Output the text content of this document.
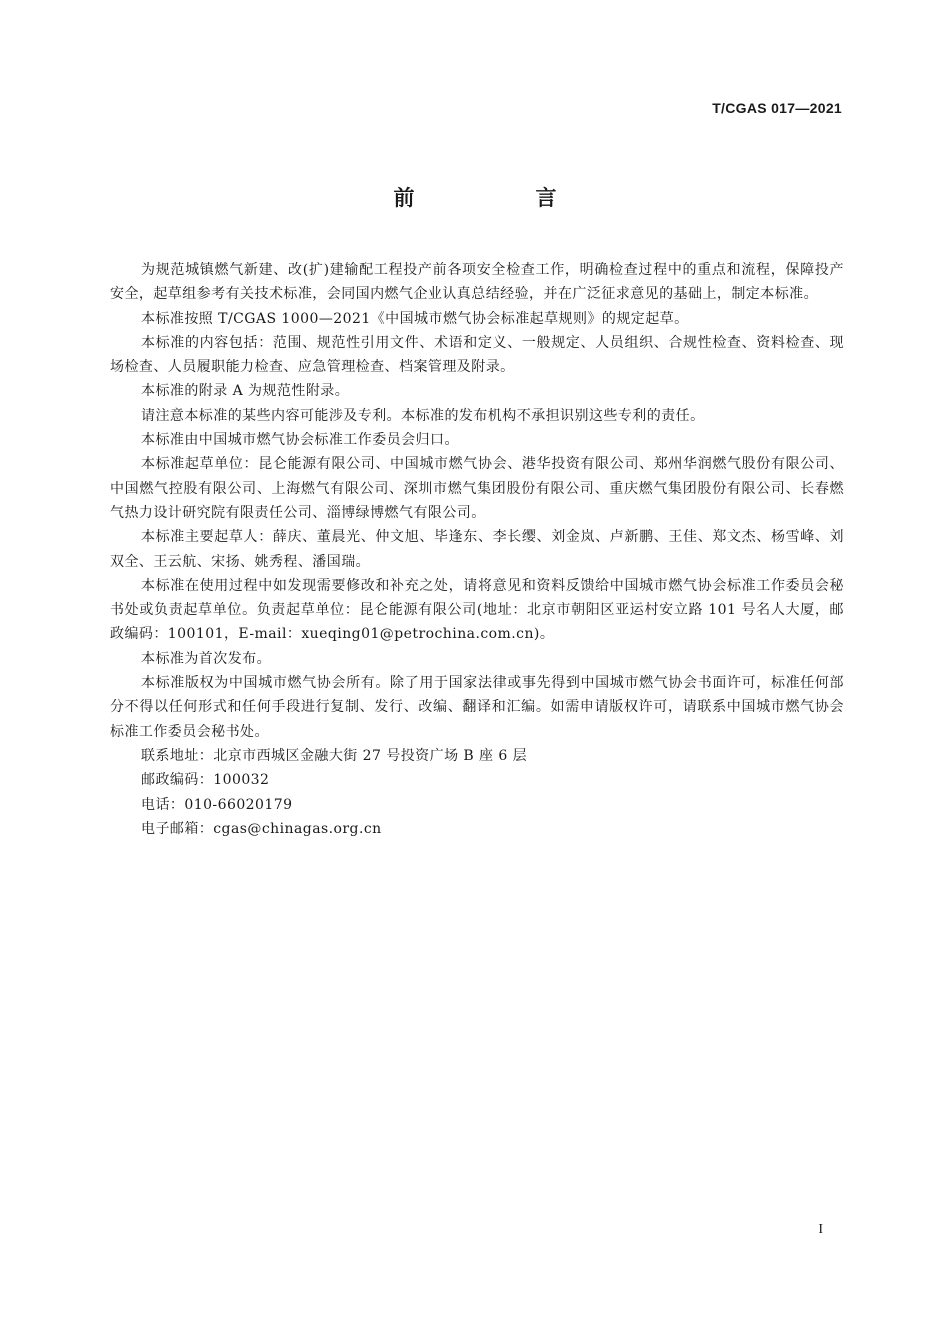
T/CGAS 017—2021
前　言

为规范城镇燃气新建、改(扩)建输配工程投产前各项安全检查工作，明确检查过程中的重点和流程，保障投产安全，起草组参考有关技术标准，会同国内燃气企业认真总结经验，并在广泛征求意见的基础上，制定本标准。

本标准按照 T/CGAS 1000—2021《中国城市燃气协会标准起草规则》的规定起草。

本标准的内容包括：范围、规范性引用文件、术语和定义、一般规定、人员组织、合规性检查、资料检查、现场检查、人员履职能力检查、应急管理检查、档案管理及附录。

本标准的附录 A 为规范性附录。

请注意本标准的某些内容可能涉及专利。本标准的发布机构不承担识别这些专利的责任。

本标准由中国城市燃气协会标准工作委员会归口。

本标准起草单位：昆仑能源有限公司、中国城市燃气协会、港华投资有限公司、郑州华润燃气股份有限公司、中国燃气控股有限公司、上海燃气有限公司、深圳市燃气集团股份有限公司、重庆燃气集团股份有限公司、长春燃气热力设计研究院有限责任公司、淄博绿博燃气有限公司。

本标准主要起草人：薛庆、董晨光、仲文旭、毕逢东、李长缨、刘金岚、卢新鹏、王佳、郑文杰、杨雪峰、刘双全、王云航、宋扬、姚秀程、潘国瑞。

本标准在使用过程中如发现需要修改和补充之处，请将意见和资料反馈给中国城市燃气协会标准工作委员会秘书处或负责起草单位。负责起草单位：昆仑能源有限公司(地址：北京市朝阳区亚运村安立路 101 号名人大厦，邮政编码：100101，E-mail：xueqing01@petrochina.com.cn)。

本标准为首次发布。

本标准版权为中国城市燃气协会所有。除了用于国家法律或事先得到中国城市燃气协会书面许可，标准任何部分不得以任何形式和任何手段进行复制、发行、改编、翻译和汇编。如需申请版权许可，请联系中国城市燃气协会标准工作委员会秘书处。

联系地址：北京市西城区金融大街 27 号投资广场 B 座 6 层

邮政编码：100032

电话：010-66020179

电子邮箱：cgas@chinagas.org.cn

I
